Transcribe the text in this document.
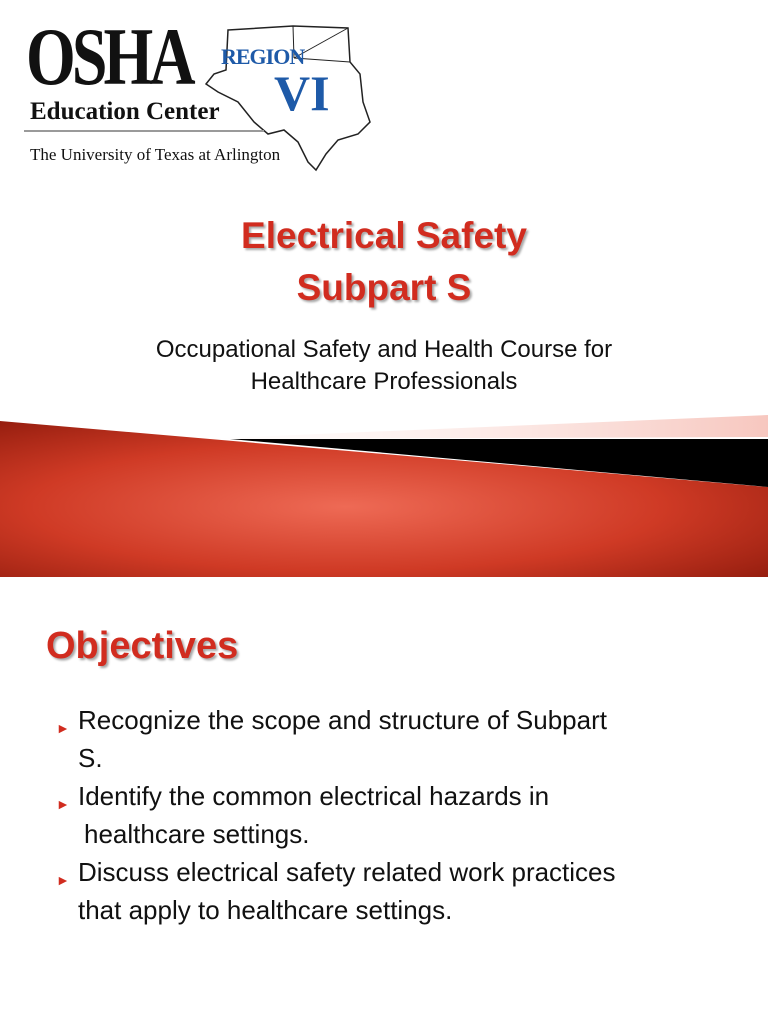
OSHA REGION
VI
Education Center
The University of Texas at Arlington
Electrical Safety
Subpart S
Occupational Safety and Health Course for
Healthcare Professionals
Objectives
► Recognize the scope and structure of Subpart
S.
► Identify the common electrical hazards in
healthcare settings.
► Discuss electrical safety related work practices
that apply to healthcare settings.
